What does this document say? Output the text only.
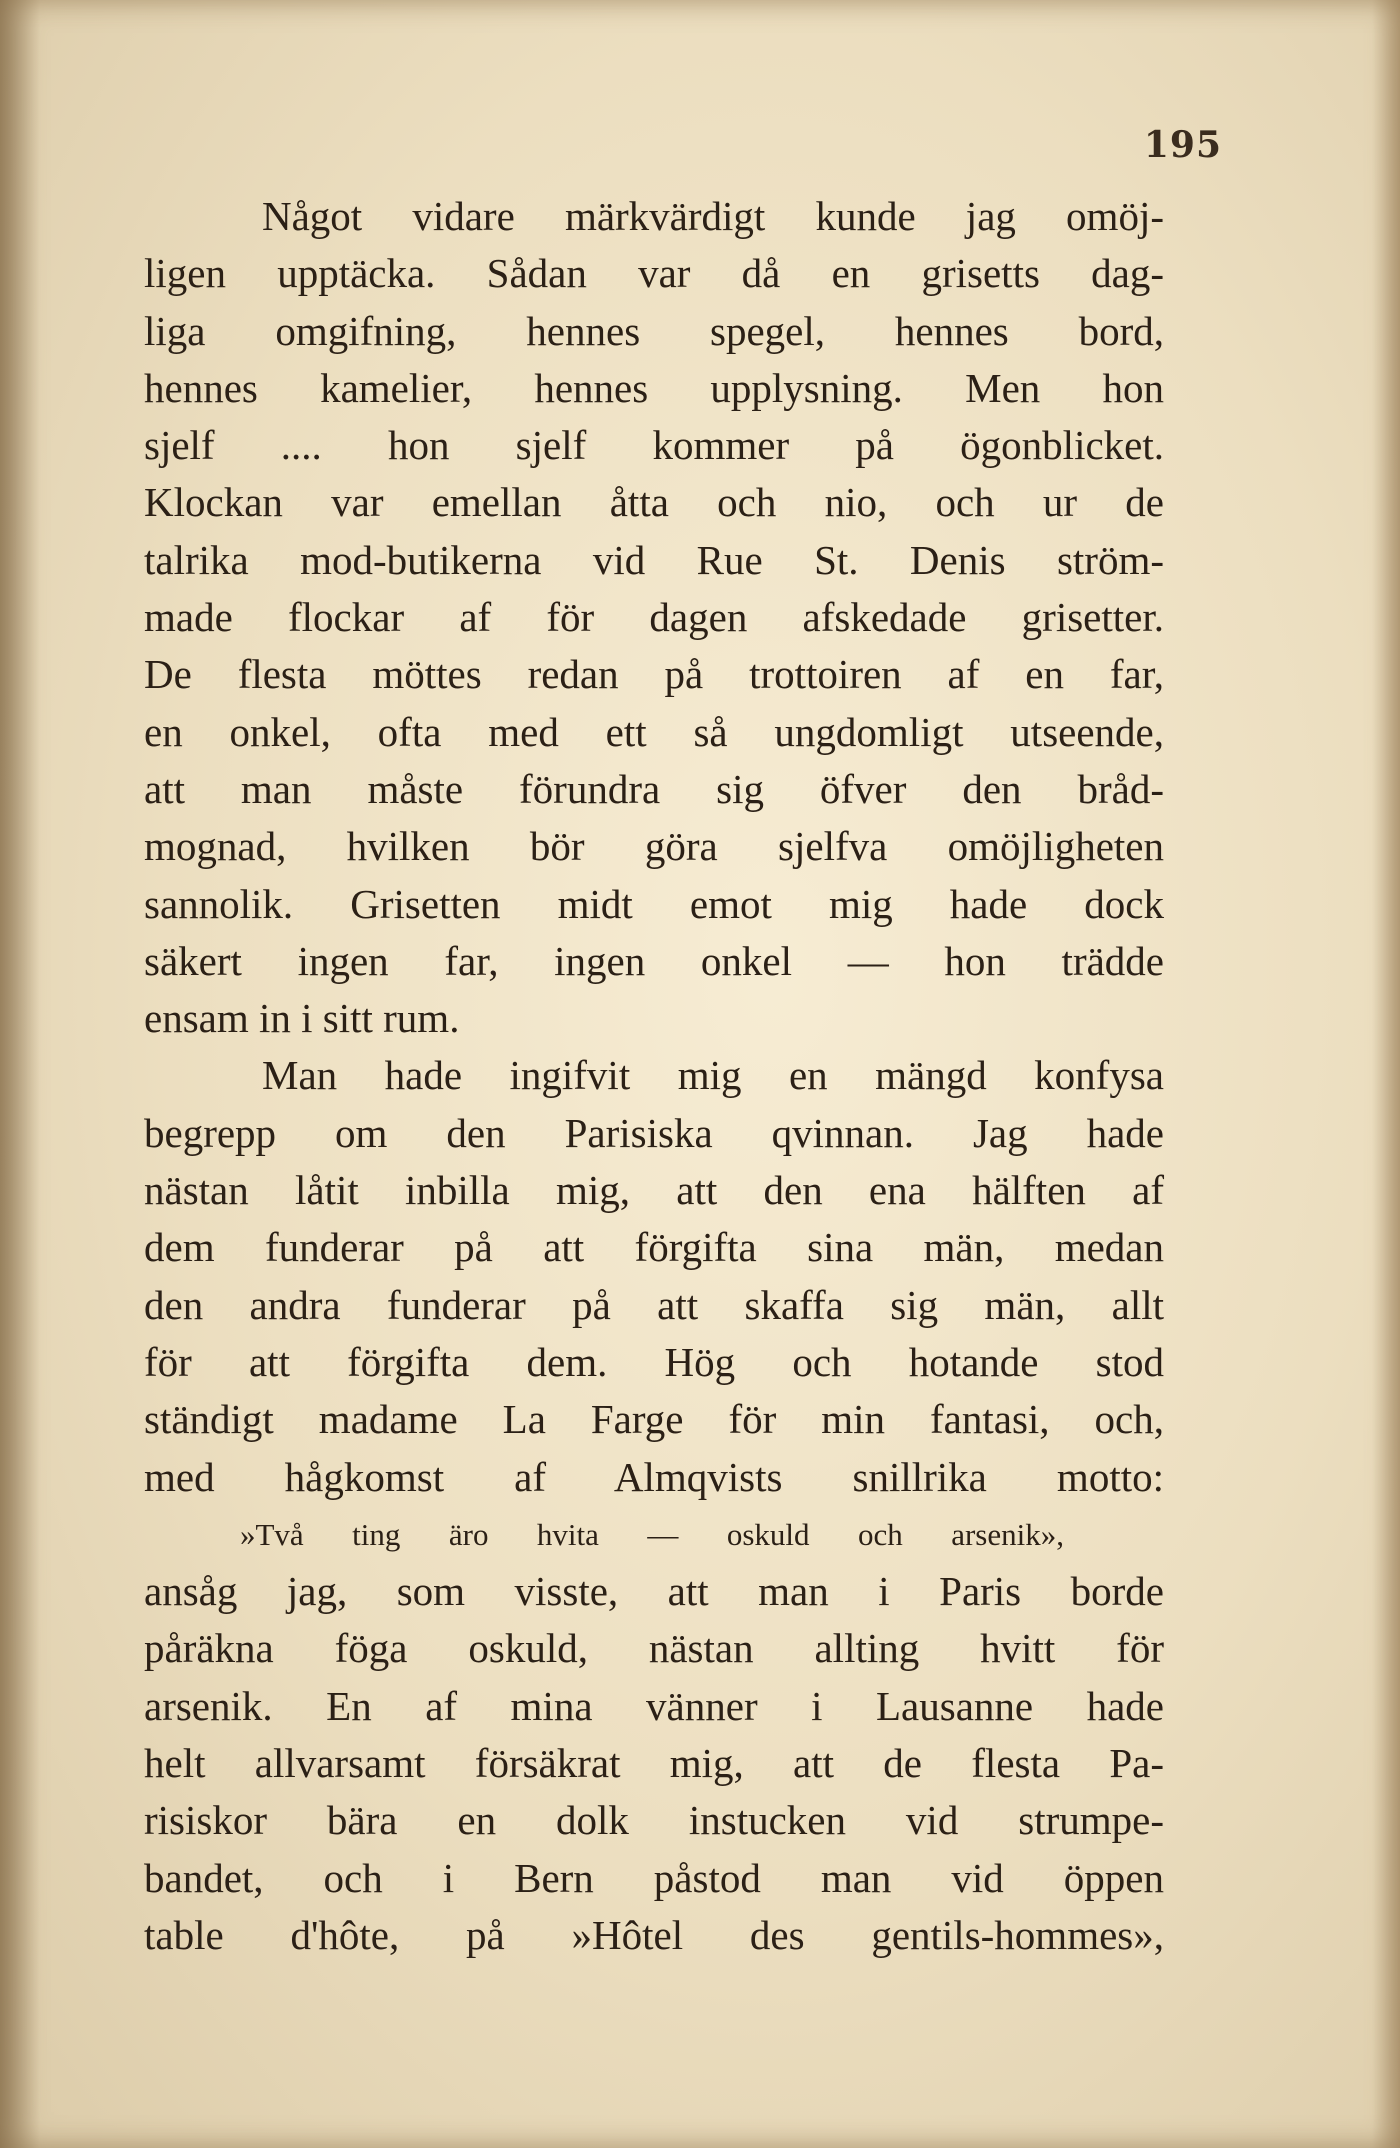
195
Något vidare märkvärdigt kunde jag omöj-
ligen upptäcka. Sådan var då en grisetts dag-
liga omgifning, hennes spegel, hennes bord,
hennes kamelier, hennes upplysning. Men hon
sjelf .... hon sjelf kommer på ögonblicket.
Klockan var emellan åtta och nio, och ur de
talrika mod-butikerna vid Rue St. Denis ström-
made flockar af för dagen afskedade grisetter.
De flesta möttes redan på trottoiren af en far,
en onkel, ofta med ett så ungdomligt utseende,
att man måste förundra sig öfver den bråd-
mognad, hvilken bör göra sjelfva omöjligheten
sannolik. Grisetten midt emot mig hade dock
säkert ingen far, ingen onkel — hon trädde
ensam in i sitt rum.
Man hade ingifvit mig en mängd konfysa
begrepp om den Parisiska qvinnan. Jag hade
nästan låtit inbilla mig, att den ena hälften af
dem funderar på att förgifta sina män, medan
den andra funderar på att skaffa sig män, allt
för att förgifta dem. Hög och hotande stod
ständigt madame La Farge för min fantasi, och,
med hågkomst af Almqvists snillrika motto:
»Två ting äro hvita — oskuld och arsenik»,
ansåg jag, som visste, att man i Paris borde
påräkna föga oskuld, nästan allting hvitt för
arsenik. En af mina vänner i Lausanne hade
helt allvarsamt försäkrat mig, att de flesta Pa-
risiskor bära en dolk instucken vid strumpe-
bandet, och i Bern påstod man vid öppen
table d'hôte, på »Hôtel des gentils-hommes»,
